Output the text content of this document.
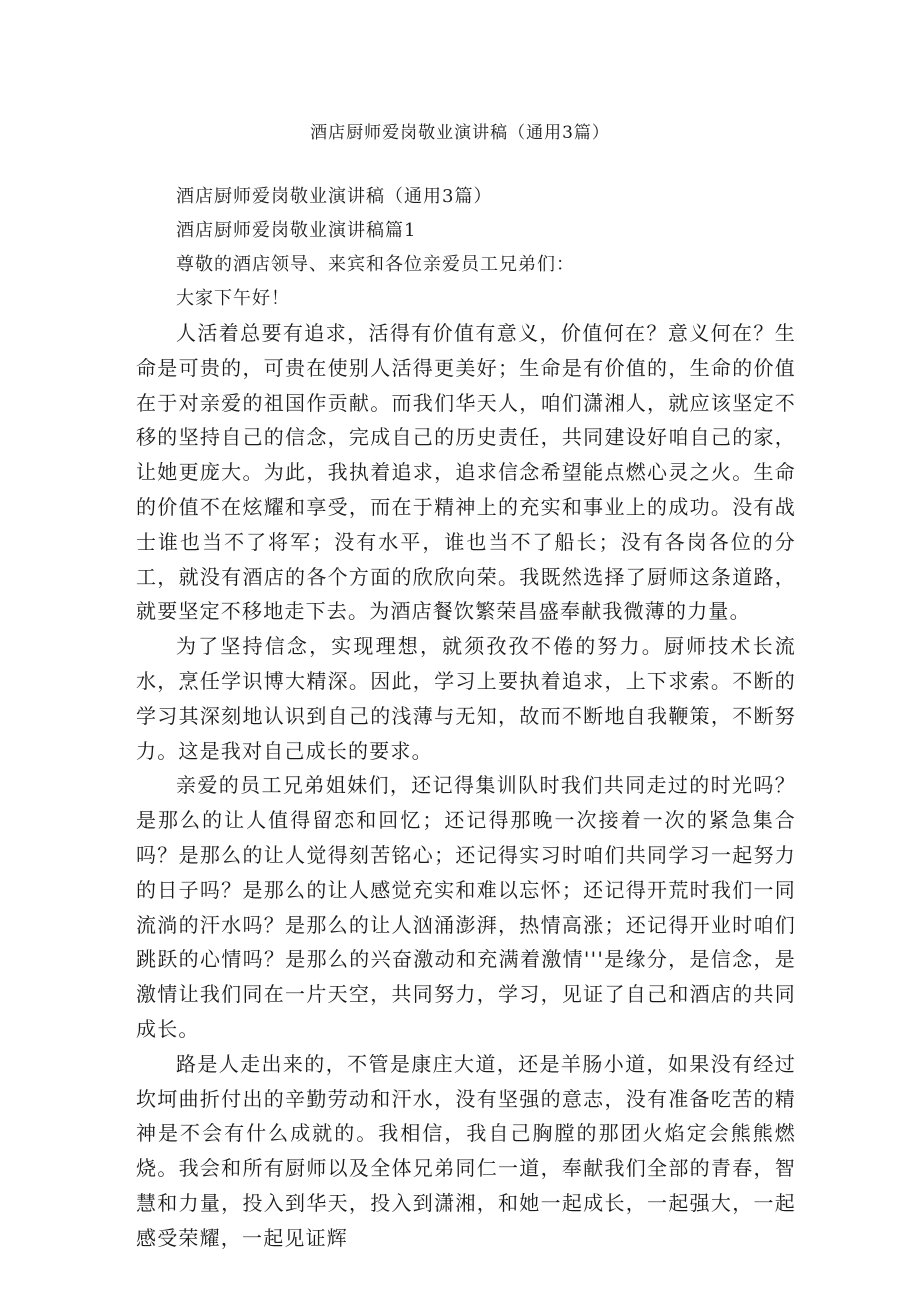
酒店厨师爱岗敬业演讲稿（通用3篇）

酒店厨师爱岗敬业演讲稿（通用3篇）

酒店厨师爱岗敬业演讲稿篇1

尊敬的酒店领导、来宾和各位亲爱员工兄弟们：

大家下午好！

人活着总要有追求，活得有价值有意义，价值何在？意义何在？生命是可贵的，可贵在使别人活得更美好；生命是有价值的，生命的价值在于对亲爱的祖国作贡献。而我们华天人，咱们潇湘人，就应该坚定不移的坚持自己的信念，完成自己的历史责任，共同建设好咱自己的家，让她更庞大。为此，我执着追求，追求信念希望能点燃心灵之火。生命的价值不在炫耀和享受，而在于精神上的充实和事业上的成功。没有战士谁也当不了将军；没有水平，谁也当不了船长；没有各岗各位的分工，就没有酒店的各个方面的欣欣向荣。我既然选择了厨师这条道路，就要坚定不移地走下去。为酒店餐饮繁荣昌盛奉献我微薄的力量。

为了坚持信念，实现理想，就须孜孜不倦的努力。厨师技术长流水，烹任学识博大精深。因此，学习上要执着追求，上下求索。不断的学习其深刻地认识到自己的浅薄与无知，故而不断地自我鞭策，不断努力。这是我对自己成长的要求。

亲爱的员工兄弟姐妹们，还记得集训队时我们共同走过的时光吗？是那么的让人值得留恋和回忆；还记得那晚一次接着一次的紧急集合吗？是那么的让人觉得刻苦铭心；还记得实习时咱们共同学习一起努力的日子吗？是那么的让人感觉充实和难以忘怀；还记得开荒时我们一同流淌的汗水吗？是那么的让人汹涌澎湃，热情高涨；还记得开业时咱们跳跃的心情吗？是那么的兴奋激动和充满着激情'''是缘分，是信念，是激情让我们同在一片天空，共同努力，学习，见证了自己和酒店的共同成长。

路是人走出来的，不管是康庄大道，还是羊肠小道，如果没有经过坎坷曲折付出的辛勤劳动和汗水，没有坚强的意志，没有准备吃苦的精神是不会有什么成就的。我相信，我自己胸膛的那团火焰定会熊熊燃烧。我会和所有厨师以及全体兄弟同仁一道，奉献我们全部的青春，智慧和力量，投入到华天，投入到潇湘，和她一起成长，一起强大，一起感受荣耀，一起见证辉
